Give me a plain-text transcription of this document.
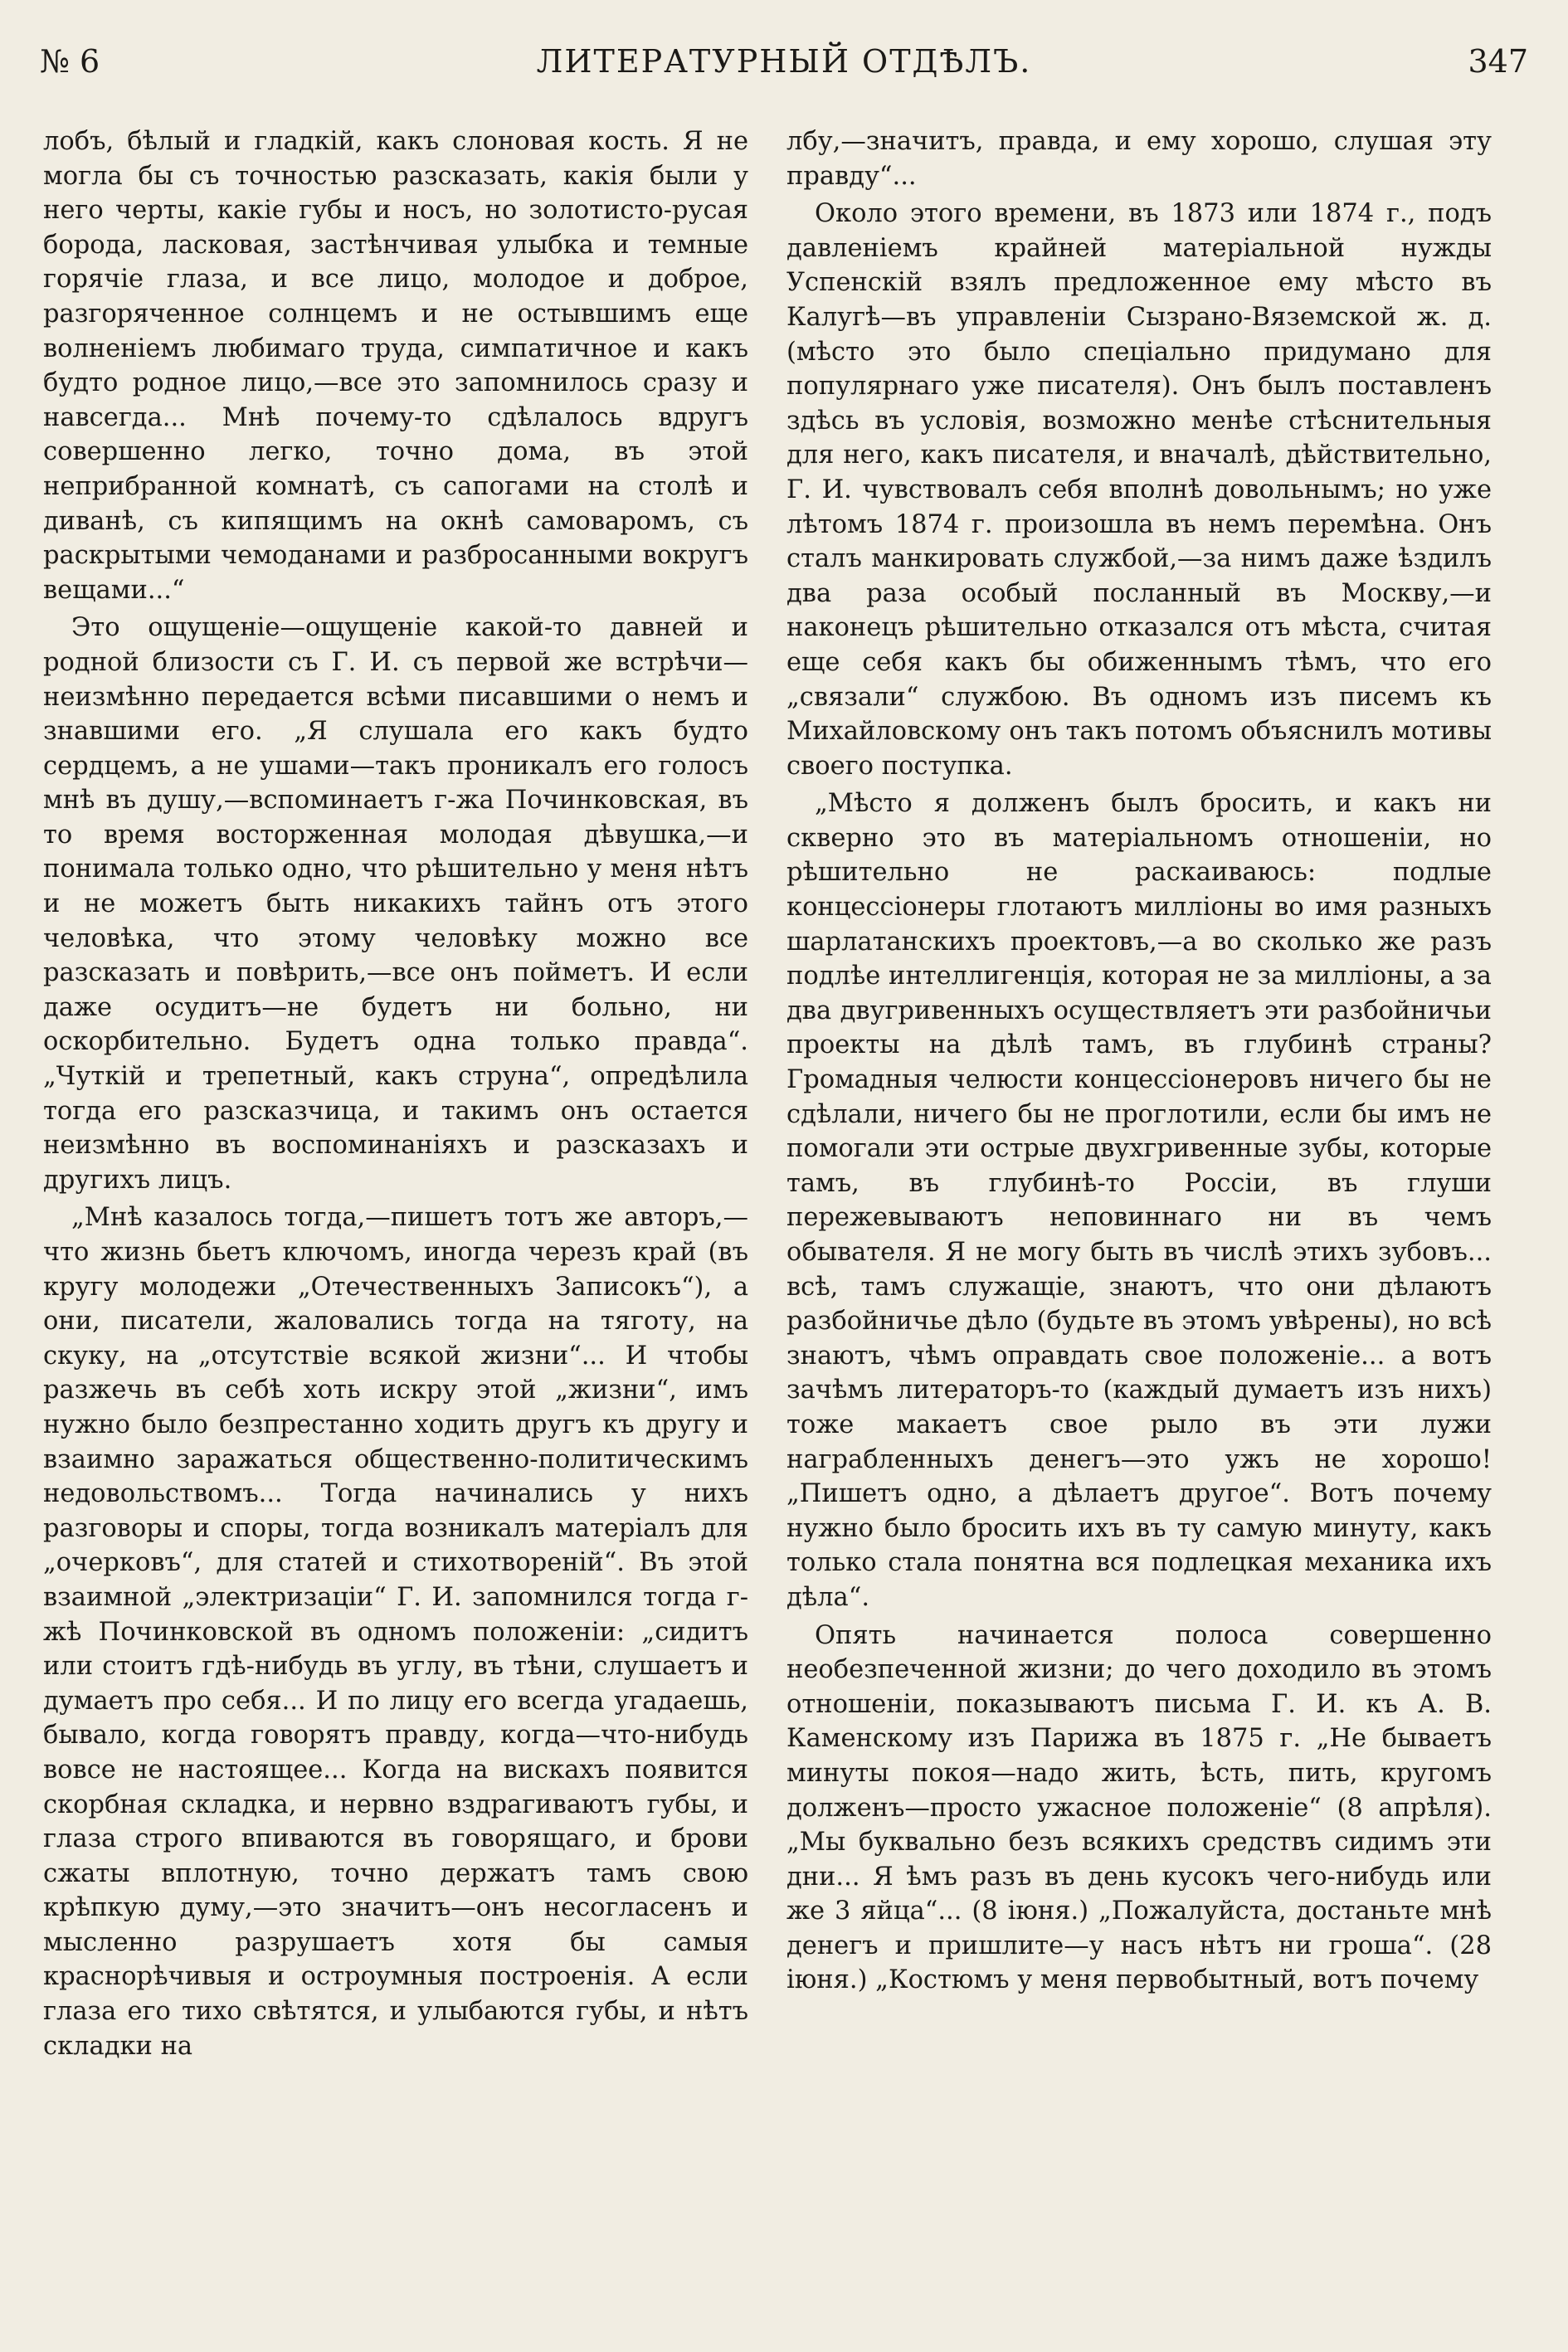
№ 6	ЛИТЕРАТУРНЫЙ ОТДѢЛЪ.	347

лобъ, бѣлый и гладкій, какъ слоновая кость. Я не могла бы съ точностью разсказать, какія были у него черты, какіе губы и носъ, но золотисто-русая борода, ласковая, застѣнчивая улыбка и темные горячіе глаза, и все лицо, молодое и доброе, разгоряченное солнцемъ и не остывшимъ еще волненіемъ любимаго труда, симпатичное и какъ будто родное лицо,—все это запомнилось сразу и навсегда... Мнѣ почему-то сдѣлалось вдругъ совершенно легко, точно дома, въ этой неприбранной комнатѣ, съ сапогами на столѣ и диванѣ, съ кипящимъ на окнѣ самоваромъ, съ раскрытыми чемоданами и разбросанными вокругъ вещами...“

Это ощущеніе—ощущеніе какой-то давней и родной близости съ Г. И. съ первой же встрѣчи—неизмѣнно передается всѣми писавшими о немъ и знавшими его. „Я слушала его какъ будто сердцемъ, а не ушами—такъ проникалъ его голосъ мнѣ въ душу,—вспоминаетъ г-жа Починковская, въ то время восторженная молодая дѣвушка,—и понимала только одно, что рѣшительно у меня нѣтъ и не можетъ быть никакихъ тайнъ отъ этого человѣка, что этому человѣку можно все разсказать и повѣрить,—все онъ пойметъ. И если даже осудитъ—не будетъ ни больно, ни оскорбительно. Будетъ одна только правда“. „Чуткій и трепетный, какъ струна“, опредѣлила тогда его разсказчица, и такимъ онъ остается неизмѣнно въ воспоминаніяхъ и разсказахъ и другихъ лицъ.

„Мнѣ казалось тогда,—пишетъ тотъ же авторъ,—что жизнь бьетъ ключомъ, иногда черезъ край (въ кругу молодежи „Отечественныхъ Записокъ“), а они, писатели, жаловались тогда на тяготу, на скуку, на „отсутствіе всякой жизни“... И чтобы разжечь въ себѣ хоть искру этой „жизни“, имъ нужно было безпрестанно ходить другъ къ другу и взаимно заражаться общественно-политическимъ недовольствомъ... Тогда начинались у нихъ разговоры и споры, тогда возникалъ матеріалъ для „очерковъ“, для статей и стихотвореній“. Въ этой взаимной „электризаціи“ Г. И. запомнился тогда г-жѣ Починковской въ одномъ положеніи: „сидитъ или стоитъ гдѣ-нибудь въ углу, въ тѣни, слушаетъ и думаетъ про себя... И по лицу его всегда угадаешь, бывало, когда говорятъ правду, когда—что-нибудь вовсе не настоящее... Когда на вискахъ появится скорбная складка, и нервно вздрагиваютъ губы, и глаза строго впиваются въ говорящаго, и брови сжаты вплотную, точно держатъ тамъ свою крѣпкую думу,—это значитъ—онъ несогласенъ и мысленно разрушаетъ хотя бы самыя краснорѣчивыя и остроумныя построенія. А если глаза его тихо свѣтятся, и улыбаются губы, и нѣтъ складки на

лбу,—значитъ, правда, и ему хорошо, слушая эту правду“...

Около этого времени, въ 1873 или 1874 г., подъ давленіемъ крайней матеріальной нужды Успенскій взялъ предложенное ему мѣсто въ Калугѣ—въ управленіи Сызрано-Вяземской ж. д. (мѣсто это было спеціально придумано для популярнаго уже писателя). Онъ былъ поставленъ здѣсь въ условія, возможно менѣе стѣснительныя для него, какъ писателя, и вначалѣ, дѣйствительно, Г. И. чувствовалъ себя вполнѣ довольнымъ; но уже лѣтомъ 1874 г. произошла въ немъ перемѣна. Онъ сталъ манкировать службой,—за нимъ даже ѣздилъ два раза особый посланный въ Москву,—и наконецъ рѣшительно отказался отъ мѣста, считая еще себя какъ бы обиженнымъ тѣмъ, что его „связали“ службою. Въ одномъ изъ писемъ къ Михайловскому онъ такъ потомъ объяснилъ мотивы своего поступка.

„Мѣсто я долженъ былъ бросить, и какъ ни скверно это въ матеріальномъ отношеніи, но рѣшительно не раскаиваюсь: подлые концессіонеры глотаютъ милліоны во имя разныхъ шарлатанскихъ проектовъ,—а во сколько же разъ подлѣе интеллигенція, которая не за милліоны, а за два двугривенныхъ осуществляетъ эти разбойничьи проекты на дѣлѣ тамъ, въ глубинѣ страны? Громадныя челюсти концессіонеровъ ничего бы не сдѣлали, ничего бы не проглотили, если бы имъ не помогали эти острые двухгривенные зубы, которые тамъ, въ глубинѣ-то Россіи, въ глуши пережевываютъ неповиннаго ни въ чемъ обывателя. Я не могу быть въ числѣ этихъ зубовъ... всѣ, тамъ служащіе, знаютъ, что они дѣлаютъ разбойничье дѣло (будьте въ этомъ увѣрены), но всѣ знаютъ, чѣмъ оправдать свое положеніе... а вотъ зачѣмъ литераторъ-то (каждый думаетъ изъ нихъ) тоже макаетъ свое рыло въ эти лужи награбленныхъ денегъ—это ужъ не хорошо! „Пишетъ одно, а дѣлаетъ другое“. Вотъ почему нужно было бросить ихъ въ ту самую минуту, какъ только стала понятна вся подлецкая механика ихъ дѣла“.

Опять начинается полоса совершенно необезпеченной жизни; до чего доходило въ этомъ отношеніи, показываютъ письма Г. И. къ А. В. Каменскому изъ Парижа въ 1875 г. „Не бываетъ минуты покоя—надо жить, ѣсть, пить, кругомъ долженъ—просто ужасное положеніе“ (8 апрѣля). „Мы буквально безъ всякихъ средствъ сидимъ эти дни... Я ѣмъ разъ въ день кусокъ чего-нибудь или же 3 яйца“... (8 іюня.) „Пожалуйста, достаньте мнѣ денегъ и пришлите—у насъ нѣтъ ни гроша“. (28 іюня.) „Костюмъ у меня первобытный, вотъ почему
